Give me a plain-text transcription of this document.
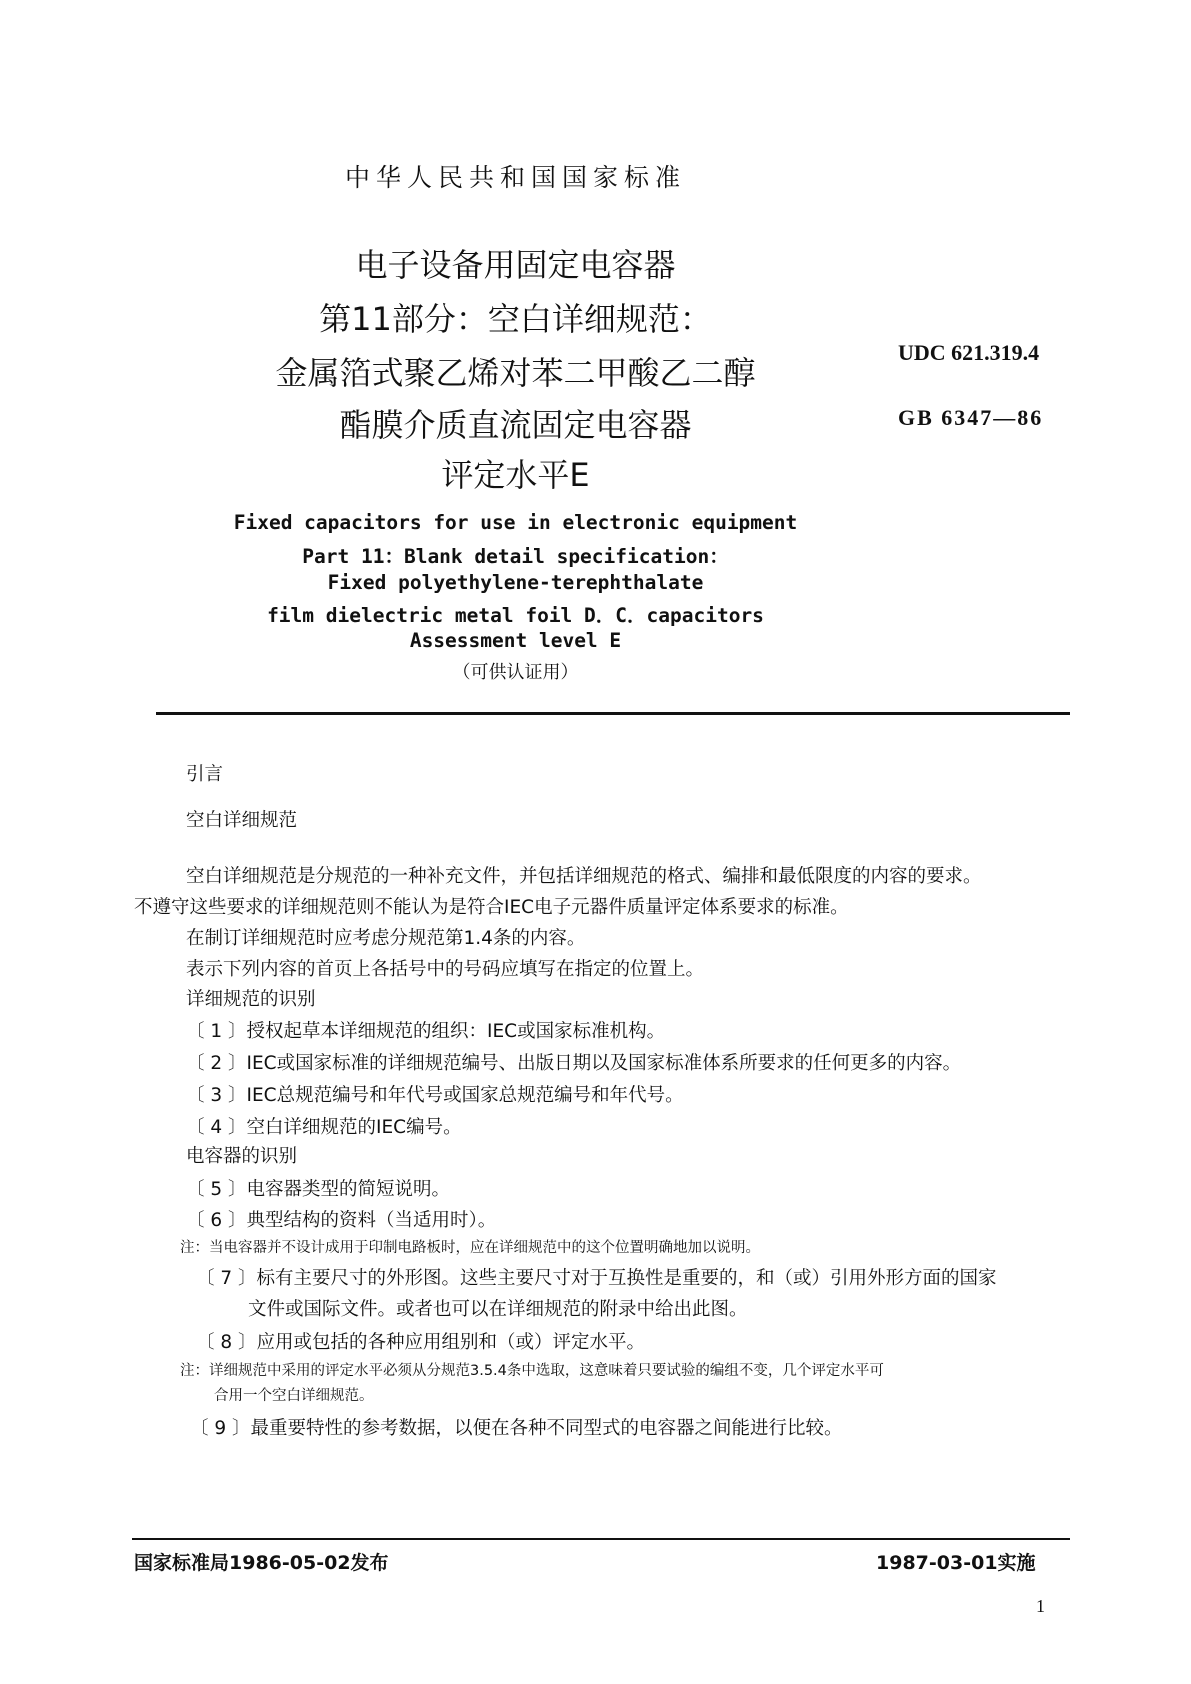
中华人民共和国国家标准
电子设备用固定电容器
第11部分：空白详细规范：
金属箔式聚乙烯对苯二甲酸乙二醇
酯膜介质直流固定电容器
评定水平E
UDC 621.319.4
GB 6347—86
Fixed capacitors for use in electronic equipment
Part 11：Blank detail specification：
Fixed polyethylene-terephthalate
film dielectric metal foil D．C．capacitors
Assessment level E
（可供认证用）
引言
空白详细规范
空白详细规范是分规范的一种补充文件，并包括详细规范的格式、编排和最低限度的内容的要求。
不遵守这些要求的详细规范则不能认为是符合IEC电子元器件质量评定体系要求的标准。
在制订详细规范时应考虑分规范第1.4条的内容。
表示下列内容的首页上各括号中的号码应填写在指定的位置上。
详细规范的识别
〔 1 〕授权起草本详细规范的组织：IEC或国家标准机构。
〔 2 〕IEC或国家标准的详细规范编号、出版日期以及国家标准体系所要求的任何更多的内容。
〔 3 〕IEC总规范编号和年代号或国家总规范编号和年代号。
〔 4 〕空白详细规范的IEC编号。
电容器的识别
〔 5 〕电容器类型的简短说明。
〔 6 〕典型结构的资料（当适用时）。
注：当电容器并不设计成用于印制电路板时，应在详细规范中的这个位置明确地加以说明。
〔 7 〕标有主要尺寸的外形图。这些主要尺寸对于互换性是重要的，和（或）引用外形方面的国家
文件或国际文件。或者也可以在详细规范的附录中给出此图。
〔 8 〕应用或包括的各种应用组别和（或）评定水平。
注：详细规范中采用的评定水平必须从分规范3.5.4条中选取，这意味着只要试验的编组不变，几个评定水平可
合用一个空白详细规范。
〔 9 〕最重要特性的参考数据，以便在各种不同型式的电容器之间能进行比较。
国家标准局1986-05-02发布	1987-03-01实施
1
